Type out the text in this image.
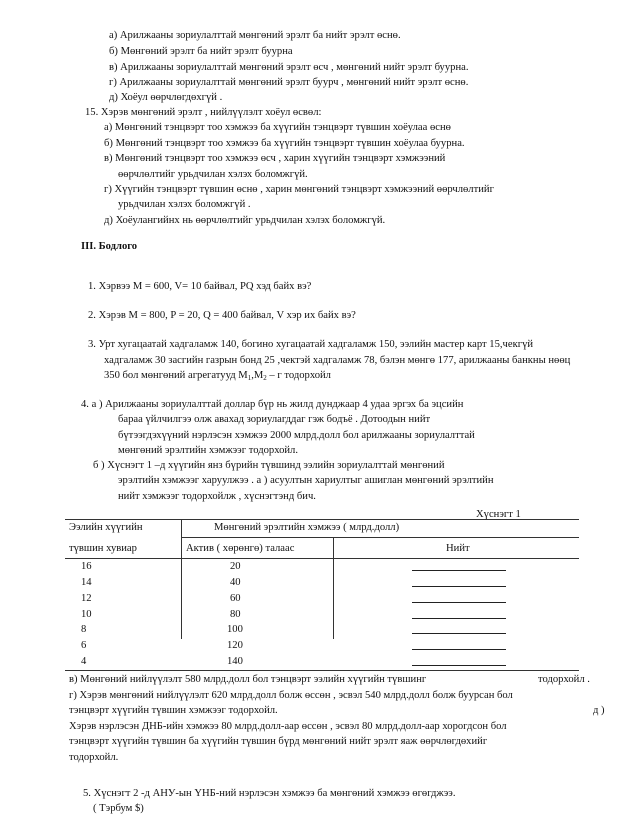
а) Арилжааны зориулалттай мөнгөний эрэлт ба нийт эрэлт өснө.
б) Мөнгөний эрэлт ба нийт эрэлт буурна
в) Арилжааны зориулалттай мөнгөний эрэлт өсч , мөнгөний нийт эрэлт буурна.
г) Арилжааны зориулалттай мөнгөний эрэлт буурч , мөнгөний нийт эрэлт өснө.
д) Хоёул өөрчлөгдөхгүй .
15. Хэрэв мөнгөний эрэлт , нийлүүлэлт хоёул өсвөл:
а) Мөнгөний тэнцвэрт тоо хэмжээ ба хүүгийн тэнцвэрт түвшин хоёулаа өснө
б) Мөнгөний тэнцвэрт тоо хэмжээ ба хүүгийн тэнцвэрт түвшин хоёулаа буурна.
в) Мөнгөний тэнцвэрт тоо хэмжээ өсч , харин хүүгийн тэнцвэрт хэмжээний
өөрчлөлтийг урьдчилан хэлэх боломжгүй.
г) Хүүгийн тэнцвэрт түвшин өснө , харин мөнгөний тэнцвэрт хэмжээний өөрчлөлтийг
урьдчилан хэлэх боломжгүй .
д) Хоёулангийнх нь өөрчлөлтийг урьдчилан хэлэх боломжгүй.
III. Бодлого
1. Хэрвээ M = 600, V= 10 байвал, PQ хэд байх вэ?
2. Хэрэв M = 800, P = 20, Q = 400 байвал, V хэр их байх вэ?
3. Урт хугацаатай хадгаламж 140, богино хугацаатай хадгаламж 150, ээлийн мастер карт 15,чекгүй
хадгаламж 30 засгийн газрын бонд 25 ,чектэй хадгаламж 78, бэлэн мөнгө 177, арилжааны банкны нөөц
350 бол мөнгөний агрегатууд $M_1,M_2$ – г тодорхойл
4. а ) Арилжааны зориулалттай доллар бүр нь жилд дунджаар 4 удаа эргэх ба эцсийн
бараа үйлчилгээ олж авахад зориулагддаг гэж бодъё . Дотоодын нийт
бүтээгдэхүүний нэрлэсэн хэмжээ 2000 млрд.долл бол арилжааны зориулалттай
мөнгөний эрэлтийн хэмжээг тодорхойл.
б ) Хүснэгт 1 –д хүүгийн янз бүрийн түвшинд ээлийн зориулалттай мөнгөний
эрэлтийн хэмжээг харуулжээ . а ) асуултын хариултыг ашиглан мөнгөний эрэлтийн
нийт хэмжээг тодорхойлж , хүснэгтэнд бич.
Хүснэгт 1
Ээлийн хүүгийн
түвшин хувиар
Мөнгөний эрэлтийн хэмжээ ( млрд.долл)
Актив ( хөрөнгө) талаас	Нийт
16	20
14	40
12	60
10	80
8	100
6	120
4	140
в) Мөнгөний нийлүүлэлт 580 млрд.долл бол тэнцвэрт ээлийн хүүгийн түвшинг	тодорхойл .
г) Хэрэв мөнгөний нийлүүлэлт 620 млрд.долл болж өссөн , эсвэл 540 млрд.долл болж буурсан бол
тэнцвэрт хүүгийн түвшин хэмжээг тодорхойл.	д )
Хэрэв нэрлэсэн ДНБ-ийн хэмжээ 80 млрд.долл-аар өссөн , эсвэл 80 млрд.долл-аар хорогдсон бол
тэнцвэрт хүүгийн түвшин ба хүүгийн түвшин бүрд мөнгөний нийт эрэлт яаж өөрчлөгдөхийг
тодорхойл.
5. Хүснэгт 2 -д АНУ-ын ҮНБ-ний нэрлэсэн хэмжээ ба мөнгөний хэмжээ өгөгджээ.
( Тэрбум $)
